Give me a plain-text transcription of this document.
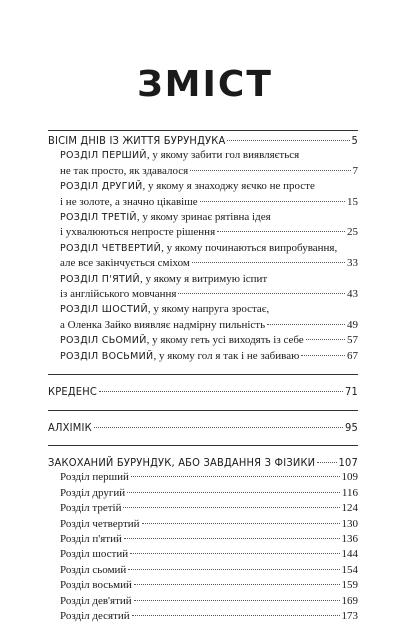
ЗМІСТ
ВІСІМ ДНІВ ІЗ ЖИТТЯ БУРУНДУКА	5
РОЗДІЛ ПЕРШИЙ, у якому забити гол виявляється
не так просто, як здавалося	7
РОЗДІЛ ДРУГИЙ, у якому я знаходжу яєчко не просте
і не золоте, а значно цікавіше	15
РОЗДІЛ ТРЕТІЙ, у якому зринає рятівна ідея
і ухвалюються непросте рішення	25
РОЗДІЛ ЧЕТВЕРТИЙ, у якому починаються випробування,
але все закінчується сміхом	33
РОЗДІЛ П'ЯТИЙ, у якому я витримую іспит
із англійського мовчання	43
РОЗДІЛ ШОСТИЙ, у якому напруга зростає,
а Оленка Зайко виявляє надмірну пильність	49
РОЗДІЛ СЬОМИЙ, у якому геть усі виходять із себе	57
РОЗДІЛ ВОСЬМИЙ, у якому гол я так і не забиваю	67
КРЕДЕНС	71
АЛХІМІК	95
ЗАКОХАНИЙ БУРУНДУК, АБО ЗАВДАННЯ З ФІЗИКИ 107
Розділ перший	109
Розділ другий	116
Розділ третій	124
Розділ четвертий	130
Розділ п'ятий	136
Розділ шостий	144
Розділ сьомий	154
Розділ восьмий	159
Розділ дев'ятий	169
Розділ десятий	173
